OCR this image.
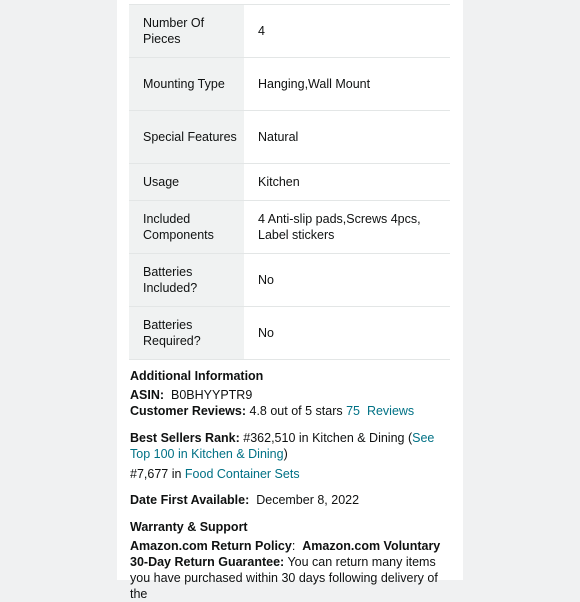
Number Of Pieces	4
Mounting Type	Hanging,Wall Mount
Special Features	Natural
Usage	Kitchen
Included Components	4 Anti-slip pads,Screws 4pcs, Label stickers
Batteries Included?	No
Batteries Required?	No
Additional Information
ASIN: B0BHYYPTR9
Customer Reviews: 4.8 out of 5 stars 75  Reviews
Best Sellers Rank: #362,510 in Kitchen & Dining (See Top 100 in Kitchen & Dining)
#7,677 in Food Container Sets
Date First Available: December 8, 2022
Warranty & Support
Amazon.com Return Policy: Amazon.com Voluntary 30-Day Return Guarantee: You can return many items you have purchased within 30 days following delivery of the
